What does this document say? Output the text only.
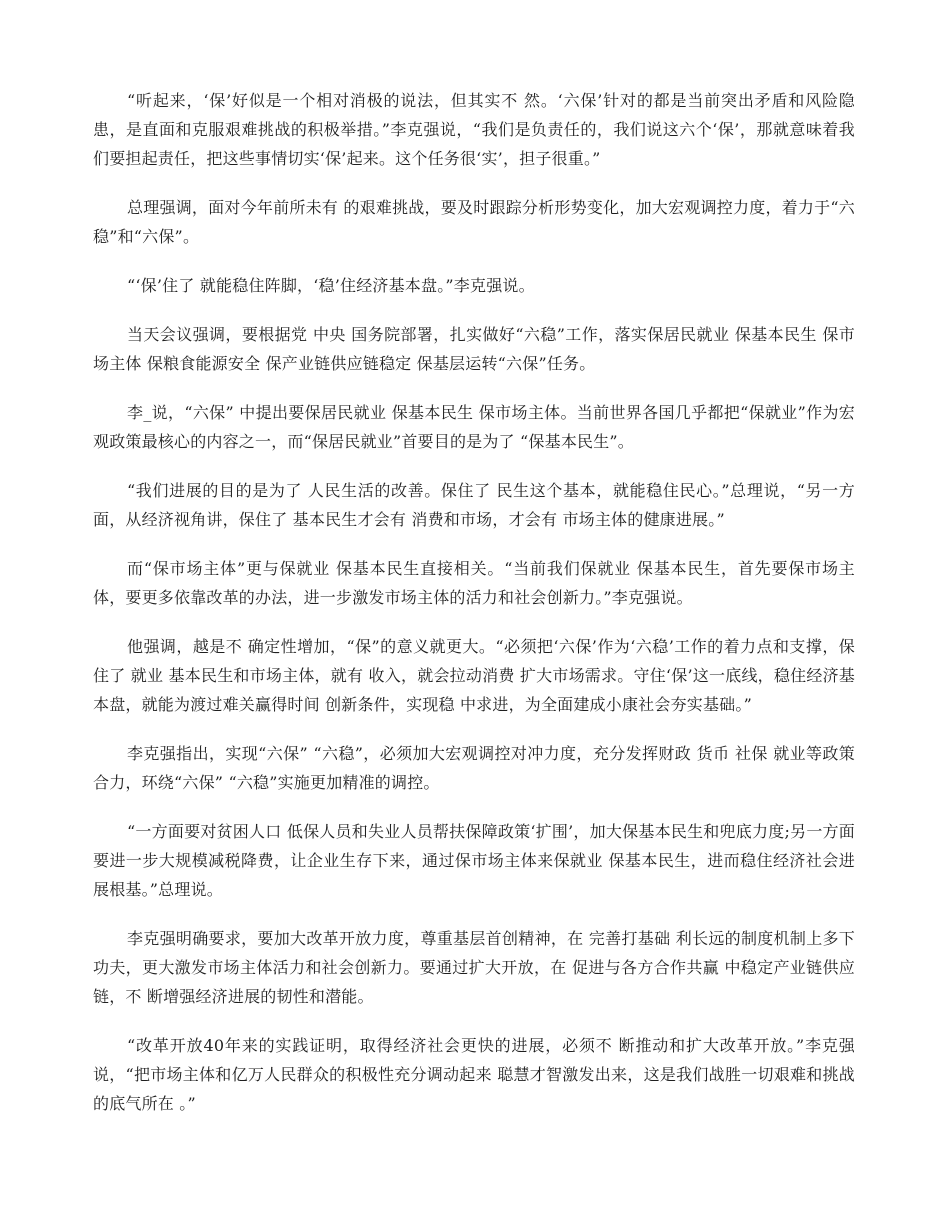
“听起来，‘保’好似是一个相对消极的说法，但其实不 然。‘六保’针对的都是当前突出矛盾和风险隐患，是直面和克服艰难挑战的积极举措。”李克强说，“我们是负责任的，我们说这六个‘保’，那就意味着我们要担起责任，把这些事情切实‘保’起来。这个任务很‘实’，担子很重。”

总理强调，面对今年前所未有 的艰难挑战，要及时跟踪分析形势变化，加大宏观调控力度，着力于“六稳”和“六保”。

“‘保’住了 就能稳住阵脚，‘稳’住经济基本盘。”李克强说。

当天会议强调，要根据党 中央 国务院部署，扎实做好“六稳”工作，落实保居民就业 保基本民生 保市场主体 保粮食能源安全 保产业链供应链稳定 保基层运转“六保”任务。

李_说，“六保” 中提出要保居民就业 保基本民生 保市场主体。当前世界各国几乎都把“保就业”作为宏观政策最核心的内容之一，而“保居民就业”首要目的是为了 “保基本民生”。

“我们进展的目的是为了 人民生活的改善。保住了 民生这个基本，就能稳住民心。”总理说，“另一方面，从经济视角讲，保住了 基本民生才会有 消费和市场，才会有 市场主体的健康进展。”

而“保市场主体”更与保就业 保基本民生直接相关。“当前我们保就业 保基本民生，首先要保市场主体，要更多依靠改革的办法，进一步激发市场主体的活力和社会创新力。”李克强说。

他强调，越是不 确定性增加，“保”的意义就更大。“必须把‘六保’作为‘六稳’工作的着力点和支撑，保住了 就业 基本民生和市场主体，就有 收入，就会拉动消费 扩大市场需求。守住‘保’这一底线，稳住经济基本盘，就能为渡过难关赢得时间 创新条件，实现稳 中求进，为全面建成小康社会夯实基础。”

李克强指出，实现“六保” “六稳”，必须加大宏观调控对冲力度，充分发挥财政 货币 社保 就业等政策合力，环绕“六保” “六稳”实施更加精准的调控。

“一方面要对贫困人口 低保人员和失业人员帮扶保障政策‘扩围’，加大保基本民生和兜底力度;另一方面要进一步大规模减税降费，让企业生存下来，通过保市场主体来保就业 保基本民生，进而稳住经济社会进展根基。”总理说。

李克强明确要求，要加大改革开放力度，尊重基层首创精神，在 完善打基础 利长远的制度机制上多下功夫，更大激发市场主体活力和社会创新力。要通过扩大开放，在 促进与各方合作共赢 中稳定产业链供应链，不 断增强经济进展的韧性和潜能。

“改革开放40年来的实践证明，取得经济社会更快的进展，必须不 断推动和扩大改革开放。”李克强说，“把市场主体和亿万人民群众的积极性充分调动起来 聪慧才智激发出来，这是我们战胜一切艰难和挑战的底气所在 。”
